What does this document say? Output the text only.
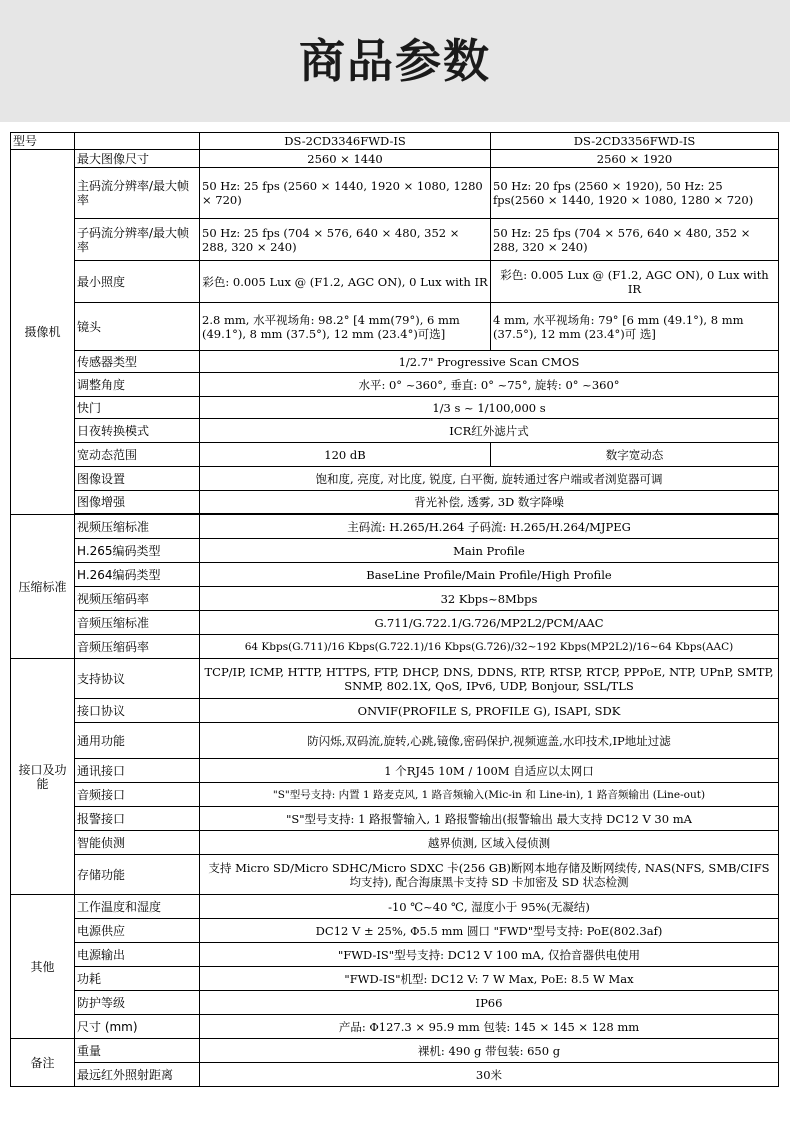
商品参数
型号		DS-2CD3346FWD-IS	DS-2CD3356FWD-IS
摄像机	最大图像尺寸	2560 × 1440	2560 × 1920
	主码流分辨率/最大帧率	50 Hz: 25 fps (2560 × 1440, 1920 × 1080, 1280 × 720)	50 Hz: 20 fps (2560 × 1920), 50 Hz: 25 fps(2560 × 1440, 1920 × 1080, 1280 × 720)
	子码流分辨率/最大帧率	50 Hz: 25 fps (704 × 576, 640 × 480, 352 × 288, 320 × 240)	50 Hz: 25 fps (704 × 576, 640 × 480, 352 × 288, 320 × 240)
	最小照度	彩色: 0.005 Lux @ (F1.2, AGC ON), 0 Lux with IR	彩色: 0.005 Lux @ (F1.2, AGC ON), 0 Lux with IR
	镜头	2.8 mm, 水平视场角: 98.2° [4 mm(79°), 6 mm (49.1°), 8 mm (37.5°), 12 mm (23.4°)可选]	4 mm, 水平视场角: 79° [6 mm (49.1°), 8 mm (37.5°), 12 mm (23.4°)可 选]
	传感器类型	1/2.7" Progressive Scan CMOS	
	调整角度	水平: 0° ~360°, 垂直: 0° ~75°, 旋转: 0° ~360°	
	快门	1/3 s ~ 1/100,000 s	
	日夜转换模式	ICR红外滤片式	
	宽动态范围	120 dB	数字宽动态
	图像设置	饱和度, 亮度, 对比度, 锐度, 白平衡, 旋转通过客户端或者浏览器可调	
	图像增强	背光补偿, 透雾, 3D 数字降噪	

压缩标准	视频压缩标准	主码流: H.265/H.264 子码流: H.265/H.264/MJPEG	
	H.265编码类型	Main Profile	
	H.264编码类型	BaseLine Profile/Main Profile/High Profile	
	视频压缩码率	32 Kbps~8Mbps	
	音频压缩标准	G.711/G.722.1/G.726/MP2L2/PCM/AAC	
	音频压缩码率	64 Kbps(G.711)/16 Kbps(G.722.1)/16 Kbps(G.726)/32~192 Kbps(MP2L2)/16~64 Kbps(AAC)	
接口及功能	支持协议	TCP/IP, ICMP, HTTP, HTTPS, FTP, DHCP, DNS, DDNS, RTP, RTSP, RTCP, PPPoE, NTP, UPnP, SMTP, SNMP, 802.1X, QoS, IPv6, UDP, Bonjour, SSL/TLS	
	接口协议	ONVIF(PROFILE S, PROFILE G), ISAPI, SDK	
	通用功能	防闪烁,双码流,旋转,心跳,镜像,密码保护,视频遮盖,水印技术,IP地址过滤	
	通讯接口	1 个RJ45 10M / 100M 自适应以太网口	
	音频接口	"S"型号支持: 内置 1 路麦克风, 1 路音频输入(Mic-in 和 Line-in), 1 路音频输出 (Line-out)	
	报警接口	"S"型号支持: 1 路报警输入, 1 路报警输出(报警输出 最大支持 DC12 V 30 mA	
	智能侦测	越界侦测, 区域入侵侦测	
	存储功能	支持 Micro SD/Micro SDHC/Micro SDXC 卡(256 GB)断网本地存储及断网续传, NAS(NFS, SMB/CIFS 均支持), 配合海康黑卡支持 SD 卡加密及 SD 状态检测	
其他	工作温度和湿度	-10 ℃~40 ℃, 湿度小于 95%(无凝结)	
	电源供应	DC12 V ± 25%, Φ5.5 mm 圆口 "FWD"型号支持: PoE(802.3af)	
	电源输出	"FWD-IS"型号支持: DC12 V 100 mA, 仅拾音器供电使用	
	功耗	"FWD-IS"机型: DC12 V: 7 W Max, PoE: 8.5 W Max	
	防护等级	IP66	
	尺寸 (mm)	产品: Φ127.3 × 95.9 mm 包装: 145 × 145 × 128 mm	
备注	重量	裸机: 490 g 带包装: 650 g	
	最远红外照射距离	30米	
